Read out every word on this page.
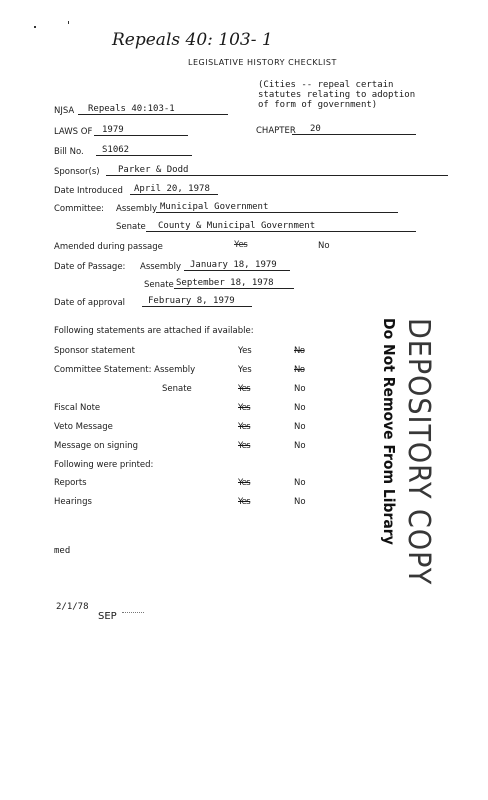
Repeals 40: 103- 1
LEGISLATIVE HISTORY CHECKLIST
(Cities -- repeal certain statutes relating to adoption of form of government)
NJSA	Repeals 40:103-1
LAWS OF	1979	CHAPTER	20
Bill No.	S1062
Sponsor(s)	Parker & Dodd
Date Introduced	April 20, 1978
Committee: Assembly Municipal Government
Senate	County & Municipal Government
Amended during passage	Yes	No
Date of Passage: Assembly	January 18, 1979
Senate September 18, 1978
Date of approval	February 8, 1979
Following statements are attached if available:
Sponsor statement	Yes	No
Committee Statement: Assembly	Yes	No
Senate	Yes	No
Fiscal Note	Yes	No
Veto Message	Yes	No
Message on signing	Yes	No
Following were printed:
Reports	Yes	No
Hearings	Yes	No
med
2/1/78
SEP
DEPOSITORY COPY
Do Not Remove From Library
